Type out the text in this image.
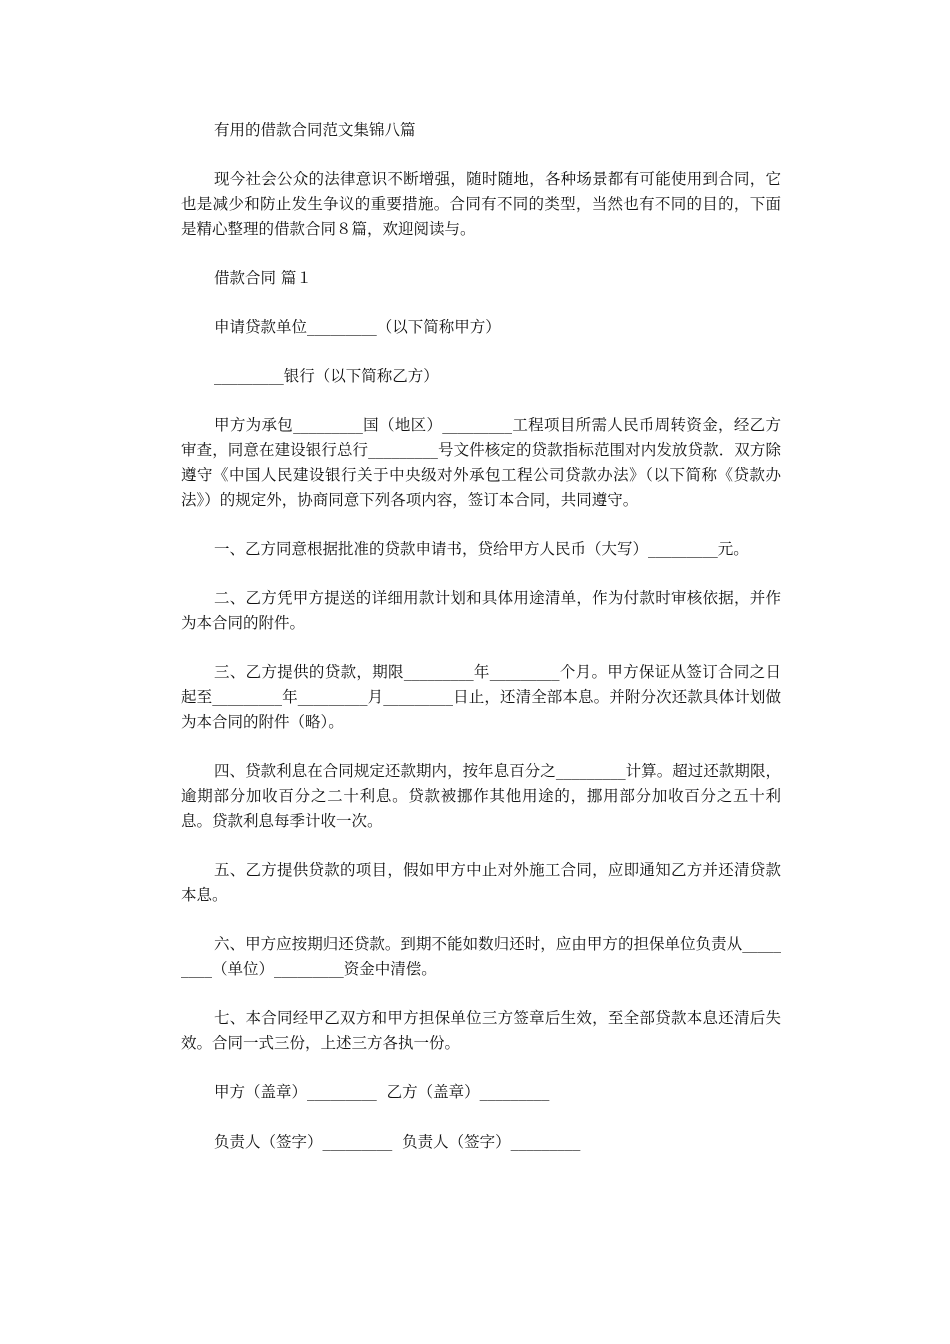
有用的借款合同范文集锦八篇

现今社会公众的法律意识不断增强，随时随地，各种场景都有可能使用到合同，它也是减少和防止发生争议的重要措施。合同有不同的类型，当然也有不同的目的，下面是精心整理的借款合同８篇，欢迎阅读与。

借款合同 篇１

申请贷款单位_________（以下简称甲方）

_________银行（以下简称乙方）

甲方为承包_________国（地区）_________工程项目所需人民币周转资金，经乙方审查，同意在建设银行总行_________号文件核定的贷款指标范围对内发放贷款．双方除遵守《中国人民建设银行关于中央级对外承包工程公司贷款办法》（以下简称《贷款办法》）的规定外，协商同意下列各项内容，签订本合同，共同遵守。

一、乙方同意根据批准的贷款申请书，贷给甲方人民币（大写）_________元。

二、乙方凭甲方提送的详细用款计划和具体用途清单，作为付款时审核依据，并作为本合同的附件。

三、乙方提供的贷款，期限_________年_________个月。甲方保证从签订合同之日起至_________年_________月_________日止，还清全部本息。并附分次还款具体计划做为本合同的附件（略）。

四、贷款利息在合同规定还款期内，按年息百分之_________计算。超过还款期限，逾期部分加收百分之二十利息。贷款被挪作其他用途的，挪用部分加收百分之五十利息。贷款利息每季计收一次。

五、乙方提供贷款的项目，假如甲方中止对外施工合同，应即通知乙方并还清贷款本息。

六、甲方应按期归还贷款。到期不能如数归还时，应由甲方的担保单位负责从_________（单位）_________资金中清偿。

七、本合同经甲乙双方和甲方担保单位三方签章后生效，至全部贷款本息还清后失效。合同一式三份，上述三方各执一份。

甲方（盖章）_________  乙方（盖章）_________

负责人（签字）_________  负责人（签字）_________
